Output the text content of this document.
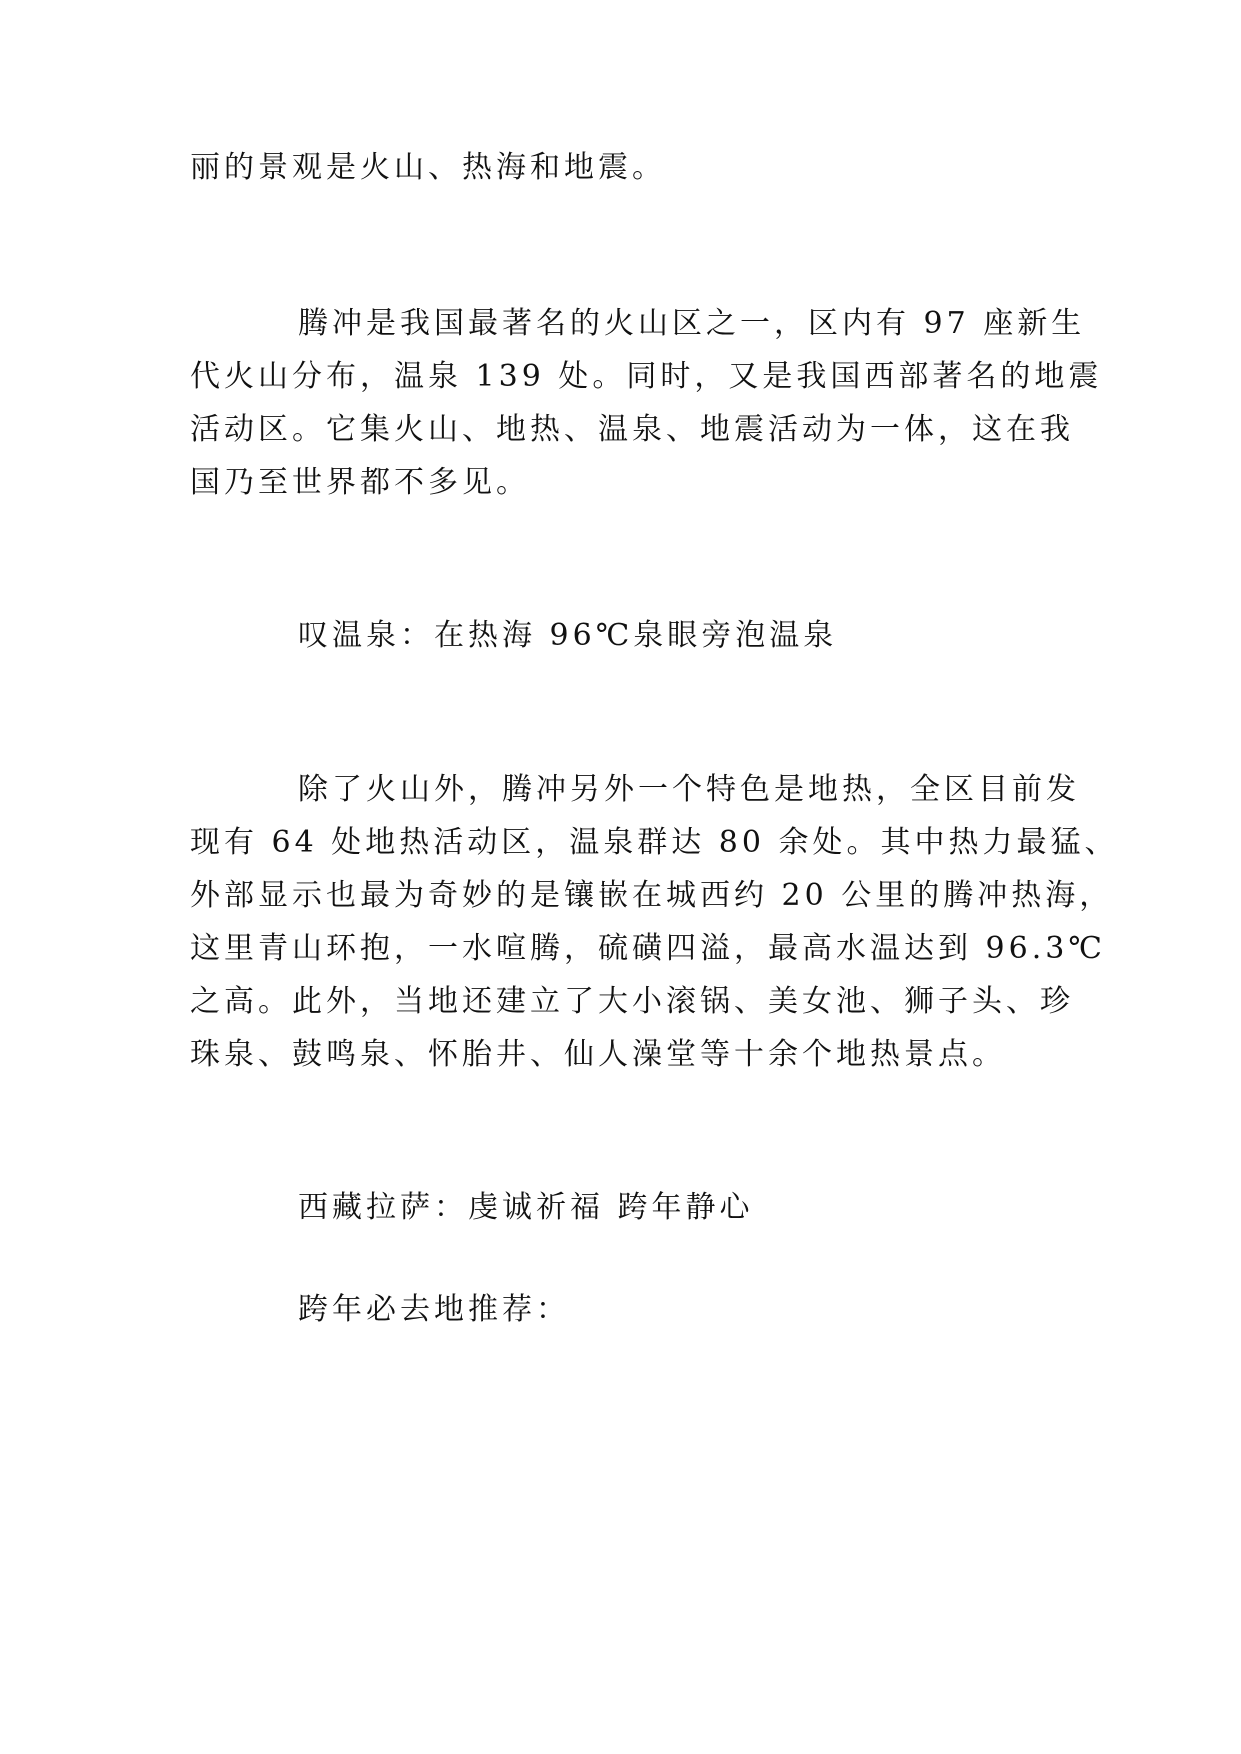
丽的景观是火山、热海和地震。
腾冲是我国最著名的火山区之一，区内有 97 座新生
代火山分布，温泉 139 处。同时，又是我国西部著名的地震
活动区。它集火山、地热、温泉、地震活动为一体，这在我
国乃至世界都不多见。
叹温泉：在热海 96℃泉眼旁泡温泉
除了火山外，腾冲另外一个特色是地热，全区目前发
现有 64 处地热活动区，温泉群达 80 余处。其中热力最猛、
外部显示也最为奇妙的是镶嵌在城西约 20 公里的腾冲热海，
这里青山环抱，一水喧腾，硫磺四溢，最高水温达到 96.3℃
之高。此外，当地还建立了大小滚锅、美女池、狮子头、珍
珠泉、鼓鸣泉、怀胎井、仙人澡堂等十余个地热景点。
西藏拉萨：虔诚祈福 跨年静心
跨年必去地推荐：
